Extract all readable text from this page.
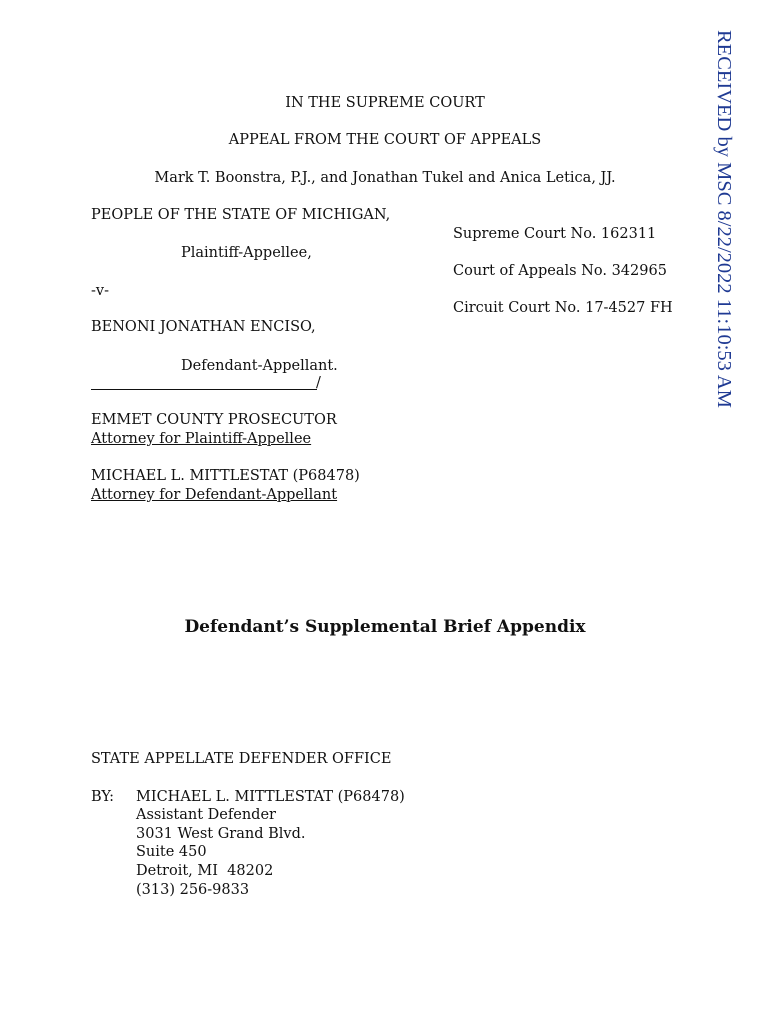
RECEIVED by MSC 8/22/2022 11:10:53 AM
IN THE SUPREME COURT
APPEAL FROM THE COURT OF APPEALS
Mark T. Boonstra, P.J., and Jonathan Tukel and Anica Letica, JJ.
PEOPLE OF THE STATE OF MICHIGAN,
Plaintiff-Appellee,
-v-
BENONI JONATHAN ENCISO,
Defendant-Appellant.
/
Supreme Court No. 162311
Court of Appeals No. 342965
Circuit Court No. 17-4527 FH
EMMET COUNTY PROSECUTOR
Attorney for Plaintiff-Appellee
MICHAEL L. MITTLESTAT (P68478)
Attorney for Defendant-Appellant
Defendant’s Supplemental Brief Appendix
STATE APPELLATE DEFENDER OFFICE
BY: MICHAEL L. MITTLESTAT (P68478)
Assistant Defender
3031 West Grand Blvd.
Suite 450
Detroit, MI  48202
(313) 256-9833
